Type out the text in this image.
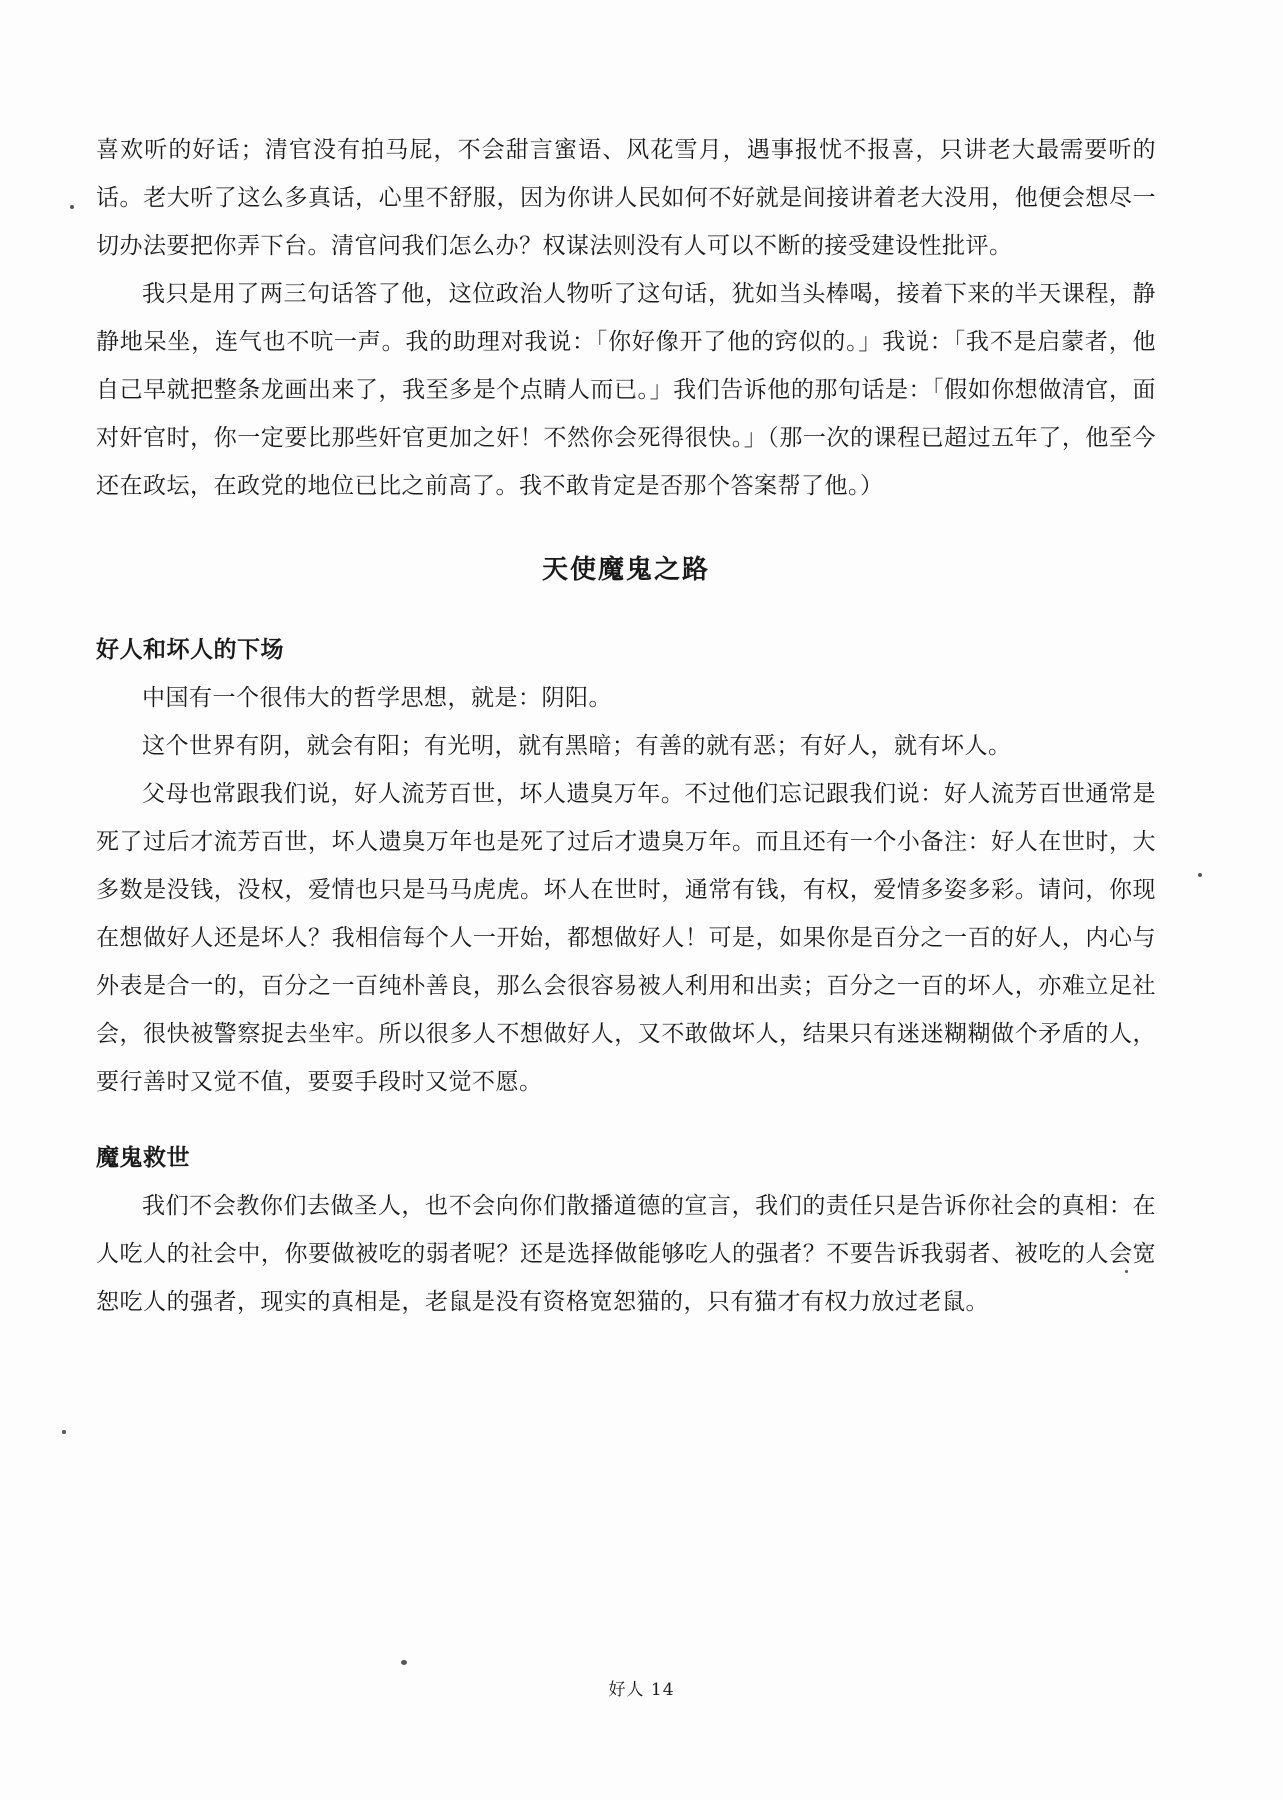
喜欢听的好话；清官没有拍马屁，不会甜言蜜语、风花雪月，遇事报忧不报喜，只讲老大最需要听的话。老大听了这么多真话，心里不舒服，因为你讲人民如何不好就是间接讲着老大没用，他便会想尽一切办法要把你弄下台。清官问我们怎么办？权谋法则没有人可以不断的接受建设性批评。

我只是用了两三句话答了他，这位政治人物听了这句话，犹如当头棒喝，接着下来的半天课程，静静地呆坐，连气也不吭一声。我的助理对我说：「你好像开了他的窍似的。」我说：「我不是启蒙者，他自己早就把整条龙画出来了，我至多是个点睛人而已。」我们告诉他的那句话是：「假如你想做清官，面对奸官时，你一定要比那些奸官更加之奸！不然你会死得很快。」（那一次的课程已超过五年了，他至今还在政坛，在政党的地位已比之前高了。我不敢肯定是否那个答案帮了他。）

天使魔鬼之路
好人和坏人的下场

中国有一个很伟大的哲学思想，就是：阴阳。

这个世界有阴，就会有阳；有光明，就有黑暗；有善的就有恶；有好人，就有坏人。

父母也常跟我们说，好人流芳百世，坏人遗臭万年。不过他们忘记跟我们说：好人流芳百世通常是死了过后才流芳百世，坏人遗臭万年也是死了过后才遗臭万年。而且还有一个小备注：好人在世时，大多数是没钱，没权，爱情也只是马马虎虎。坏人在世时，通常有钱，有权，爱情多姿多彩。请问，你现在想做好人还是坏人？我相信每个人一开始，都想做好人！可是，如果你是百分之一百的好人，内心与外表是合一的，百分之一百纯朴善良，那么会很容易被人利用和出卖；百分之一百的坏人，亦难立足社会，很快被警察捉去坐牢。所以很多人不想做好人，又不敢做坏人，结果只有迷迷糊糊做个矛盾的人，要行善时又觉不值，要耍手段时又觉不愿。

魔鬼救世

我们不会教你们去做圣人，也不会向你们散播道德的宣言，我们的责任只是告诉你社会的真相：在人吃人的社会中，你要做被吃的弱者呢？还是选择做能够吃人的强者？不要告诉我弱者、被吃的人会宽恕吃人的强者，现实的真相是，老鼠是没有资格宽恕猫的，只有猫才有权力放过老鼠。

好人 14
